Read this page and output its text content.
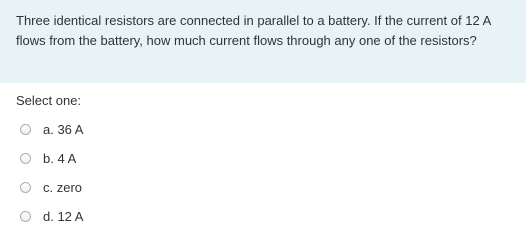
Three identical resistors are connected in parallel to a battery. If the current of 12 A flows from the battery, how much current flows through any one of the resistors?

Select one:
a. 36 A
b. 4 A
c. zero
d. 12 A
